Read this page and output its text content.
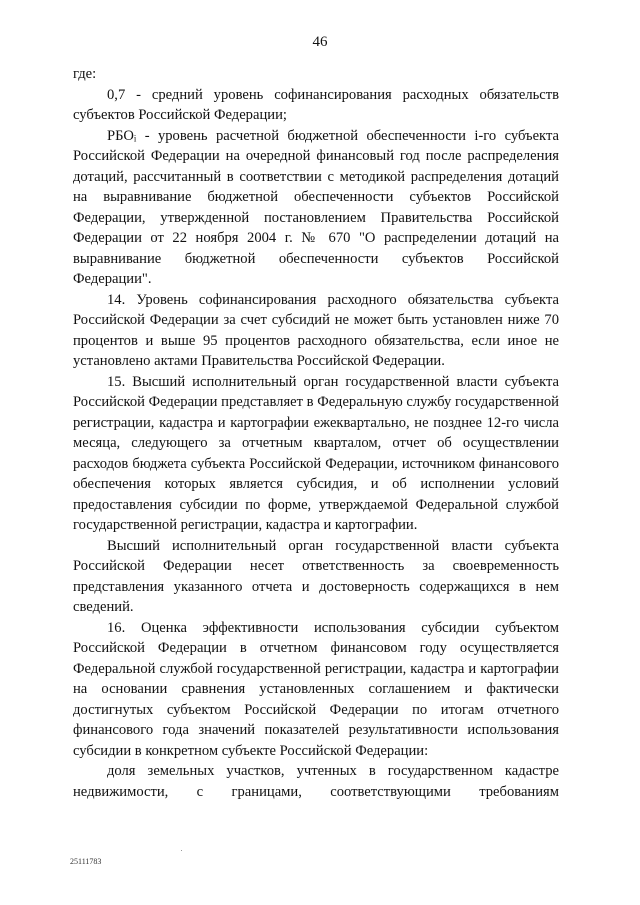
46

где:

0,7 - средний уровень софинансирования расходных обязательств субъектов Российской Федерации;

РБОᵢ - уровень расчетной бюджетной обеспеченности i-го субъекта Российской Федерации на очередной финансовый год после распределения дотаций, рассчитанный в соответствии с методикой распределения дотаций на выравнивание бюджетной обеспеченности субъектов Российской Федерации, утвержденной постановлением Правительства Российской Федерации от 22 ноября 2004 г. № 670 "О распределении дотаций на выравнивание бюджетной обеспеченности субъектов Российской Федерации".

14. Уровень софинансирования расходного обязательства субъекта Российской Федерации за счет субсидий не может быть установлен ниже 70 процентов и выше 95 процентов расходного обязательства, если иное не установлено актами Правительства Российской Федерации.

15. Высший исполнительный орган государственной власти субъекта Российской Федерации представляет в Федеральную службу государственной регистрации, кадастра и картографии ежеквартально, не позднее 12-го числа месяца, следующего за отчетным кварталом, отчет об осуществлении расходов бюджета субъекта Российской Федерации, источником финансового обеспечения которых является субсидия, и об исполнении условий предоставления субсидии по форме, утверждаемой Федеральной службой государственной регистрации, кадастра и картографии.

Высший исполнительный орган государственной власти субъекта Российской Федерации несет ответственность за своевременность представления указанного отчета и достоверность содержащихся в нем сведений.

16. Оценка эффективности использования субсидии субъектом Российской Федерации в отчетном финансовом году осуществляется Федеральной службой государственной регистрации, кадастра и картографии на основании сравнения установленных соглашением и фактически достигнутых субъектом Российской Федерации по итогам отчетного финансового года значений показателей результативности использования субсидии в конкретном субъекте Российской Федерации:

доля земельных участков, учтенных в государственном кадастре недвижимости, с границами, соответствующими требованиям

25111783
